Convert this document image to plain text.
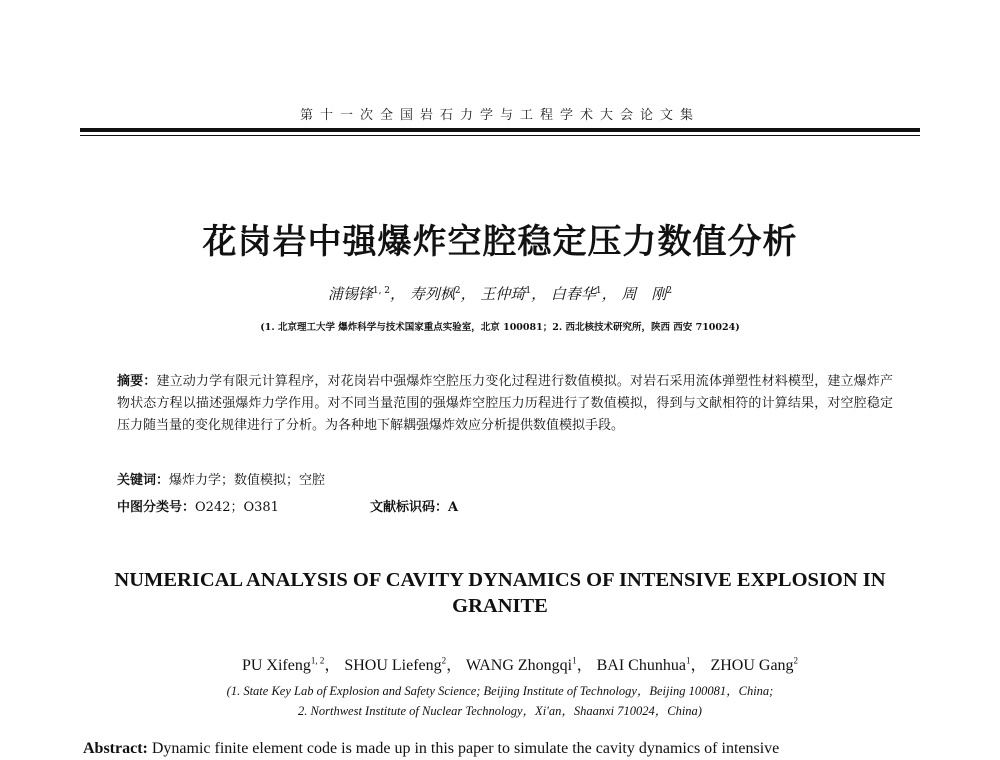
第十一次全国岩石力学与工程学术大会论文集
花岗岩中强爆炸空腔稳定压力数值分析
浦锡锋$^{1, 2}$， 寿列枫$^2$， 王仲琦$^1$， 白春华$^1$， 周　刚$^2$
(1. 北京理工大学 爆炸科学与技术国家重点实验室，北京 100081；2. 西北核技术研究所，陕西 西安 710024)
摘要：建立动力学有限元计算程序，对花岗岩中强爆炸空腔压力变化过程进行数值模拟。对岩石采用流体弹塑性材料模型，建立爆炸产物状态方程以描述强爆炸力学作用。对不同当量范围的强爆炸空腔压力历程进行了数值模拟，得到与文献相符的计算结果，对空腔稳定压力随当量的变化规律进行了分析。为各种地下解耦强爆炸效应分析提供数值模拟手段。
关键词：爆炸力学；数值模拟；空腔
中图分类号：O242；O381	文献标识码：A
NUMERICAL ANALYSIS OF CAVITY DYNAMICS OF INTENSIVE EXPLOSION IN GRANITE
PU Xifeng$^{1, 2}$， SHOU Liefeng$^2$， WANG Zhongqi$^1$， BAI Chunhua$^1$， ZHOU Gang$^2$
(1. State Key Lab of Explosion and Safety Science; Beijing Institute of Technology，Beijing 100081，China;
2. Northwest Institute of Nuclear Technology，Xi'an，Shaanxi 710024，China)
Abstract: Dynamic finite element code is made up in this paper to simulate the cavity dynamics of intensive
